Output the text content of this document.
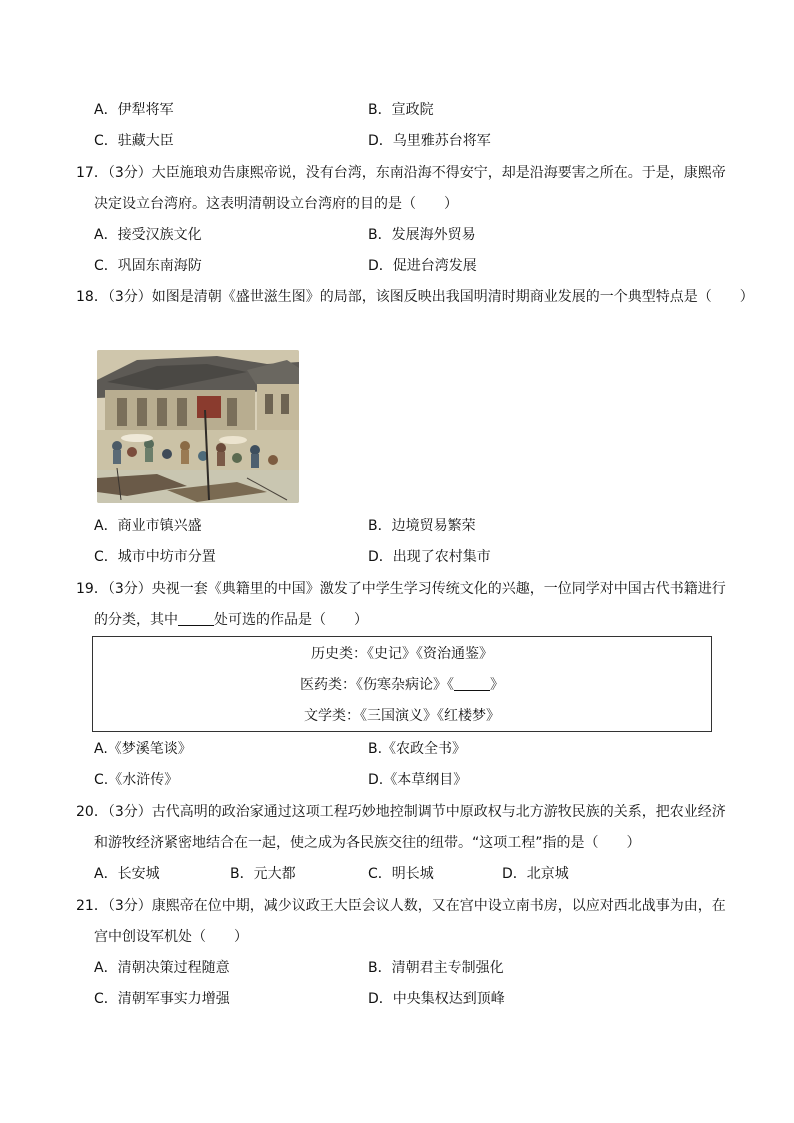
A．伊犁将军	B．宣政院
C．驻藏大臣	D．乌里雅苏台将军
17．（3分）大臣施琅劝告康熙帝说，没有台湾，东南沿海不得安宁，却是沿海要害之所在。于是，康熙帝
决定设立台湾府。这表明清朝设立台湾府的目的是（　　）
A．接受汉族文化	B．发展海外贸易
C．巩固东南海防	D．促进台湾发展
18．（3分）如图是清朝《盛世滋生图》的局部，该图反映出我国明清时期商业发展的一个典型特点是（　　）
A．商业市镇兴盛	B．边境贸易繁荣
C．城市中坊市分置	D．出现了农村集市
19．（3分）央视一套《典籍里的中国》激发了中学生学习传统文化的兴趣，一位同学对中国古代书籍进行
的分类，其中	处可选的作品是（　　）
历史类：《史记》《资治通鉴》
医药类：《伤寒杂病论》《	》
文学类：《三国演义》《红楼梦》
A.《梦溪笔谈》	B.《农政全书》
C.《水浒传》	D.《本草纲目》
20．（3分）古代高明的政治家通过这项工程巧妙地控制调节中原政权与北方游牧民族的关系，把农业经济
和游牧经济紧密地结合在一起，使之成为各民族交往的纽带。“这项工程”指的是（　　）
A．长安城	B．元大都	C．明长城	D．北京城
21．（3分）康熙帝在位中期，减少议政王大臣会议人数，又在宫中设立南书房，以应对西北战事为由，在
宫中创设军机处（　　）
A．清朝决策过程随意	B．清朝君主专制强化
C．清朝军事实力增强	D．中央集权达到顶峰
